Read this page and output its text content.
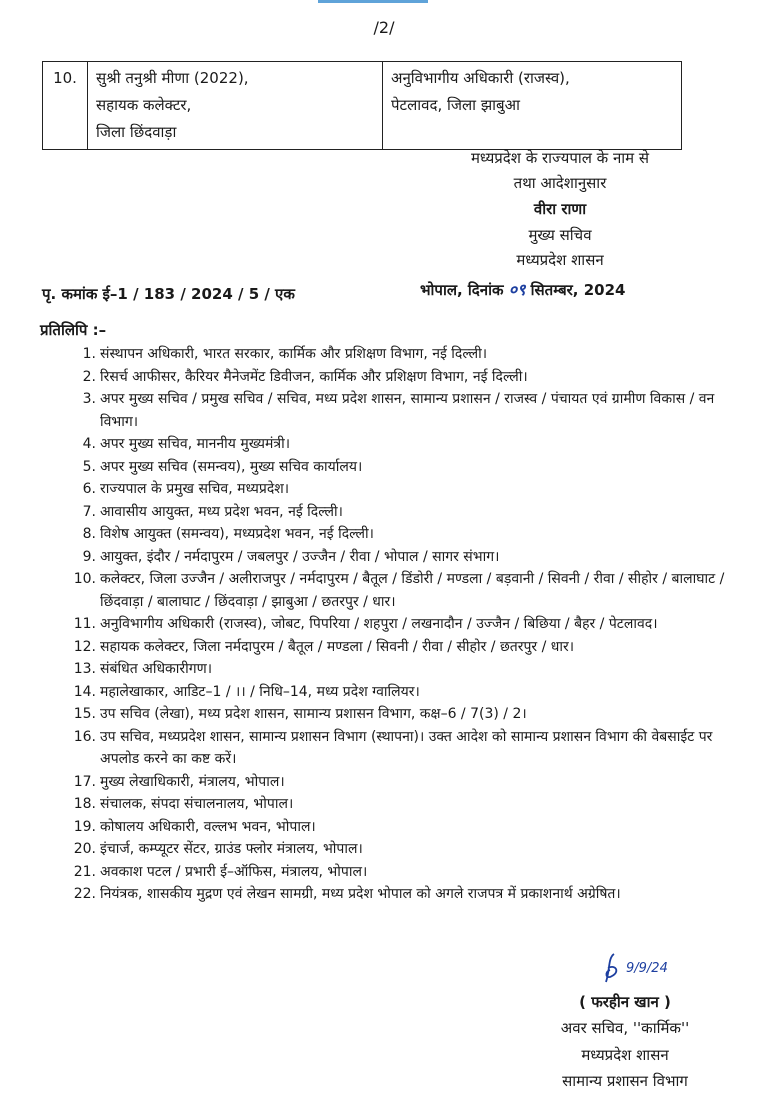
/2/
10.	सुश्री तनुश्री मीणा (2022),
सहायक कलेक्टर,
जिला छिंदवाड़ा

अनुविभागीय अधिकारी (राजस्व),
पेटलावद, जिला झाबुआ
मध्यप्रदेश के राज्यपाल के नाम से
तथा आदेशानुसार
वीरा राणा
मुख्य सचिव
मध्यप्रदेश शासन
पृ. कमांक ई–1 / 183 / 2024 / 5 / एक	भोपाल, दिनांक ०९ सितम्बर, 2024
प्रतिलिपि :–
1. संस्थापन अधिकारी, भारत सरकार, कार्मिक और प्रशिक्षण विभाग, नई दिल्ली।
2. रिसर्च आफीसर, कैरियर मैनेजमेंट डिवीजन, कार्मिक और प्रशिक्षण विभाग, नई दिल्ली।
3. अपर मुख्य सचिव / प्रमुख सचिव / सचिव, मध्य प्रदेश शासन, सामान्य प्रशासन / राजस्व / पंचायत एवं ग्रामीण विकास / वन विभाग।
4. अपर मुख्य सचिव, माननीय मुख्यमंत्री।
5. अपर मुख्य सचिव (समन्वय), मुख्य सचिव कार्यालय।
6. राज्यपाल के प्रमुख सचिव, मध्यप्रदेश।
7. आवासीय आयुक्त, मध्य प्रदेश भवन, नई दिल्ली।
8. विशेष आयुक्त (समन्वय), मध्यप्रदेश भवन, नई दिल्ली।
9. आयुक्त, इंदौर / नर्मदापुरम / जबलपुर / उज्जैन / रीवा / भोपाल / सागर संभाग।
10. कलेक्टर, जिला उज्जैन / अलीराजपुर / नर्मदापुरम / बैतूल / डिंडोरी / मण्डला / बड़वानी / सिवनी / रीवा / सीहोर / बालाघाट / छिंदवाड़ा / बालाघाट / छिंदवाड़ा / झाबुआ / छतरपुर / धार।
11. अनुविभागीय अधिकारी (राजस्व), जोबट, पिपरिया / शहपुरा / लखनादौन / उज्जैन / बिछिया / बैहर / पेटलावद।
12. सहायक कलेक्टर, जिला नर्मदापुरम / बैतूल / मण्डला / सिवनी / रीवा / सीहोर / छतरपुर / धार।
13. संबंधित अधिकारीगण।
14. महालेखाकार, आडिट–1 / ।। / निधि–14, मध्य प्रदेश ग्वालियर।
15. उप सचिव (लेखा), मध्य प्रदेश शासन, सामान्य प्रशासन विभाग, कक्ष–6 / 7(3) / 2।
16. उप सचिव, मध्यप्रदेश शासन, सामान्य प्रशासन विभाग (स्थापना)। उक्त आदेश को सामान्य प्रशासन विभाग की वेबसाईट पर अपलोड करने का कष्ट करें।
17. मुख्य लेखाधिकारी, मंत्रालय, भोपाल।
18. संचालक, संपदा संचालनालय, भोपाल।
19. कोषालय अधिकारी, वल्लभ भवन, भोपाल।
20. इंचार्ज, कम्प्यूटर सेंटर, ग्राउंड फ्लोर मंत्रालय, भोपाल।
21. अवकाश पटल / प्रभारी ई–ऑफिस, मंत्रालय, भोपाल।
22. नियंत्रक, शासकीय मुद्रण एवं लेखन सामग्री, मध्य प्रदेश भोपाल को अगले राजपत्र में प्रकाशनार्थ अग्रेषित।
9/9/24
( फरहीन खान )
अवर सचिव, ''कार्मिक''
मध्यप्रदेश शासन
सामान्य प्रशासन विभाग
